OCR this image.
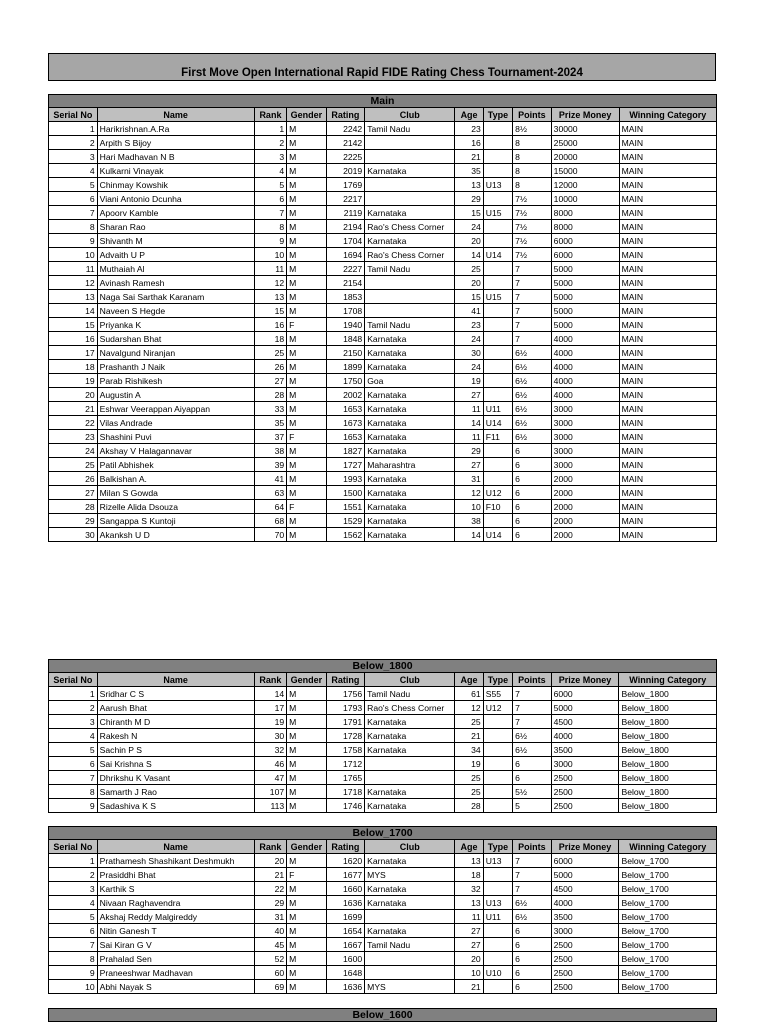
First Move Open International Rapid FIDE Rating Chess Tournament-2024
Main										
Serial No	Name	Rank	Gender	Rating	Club	Age	Type	Points	Prize Money	Winning Category
1	Harikrishnan.A.Ra	1	M	2242	Tamil Nadu	23		8½	30000	MAIN
2	Arpith S Bijoy	2	M	2142		16		8	25000	MAIN
3	Hari Madhavan N B	3	M	2225		21		8	20000	MAIN
4	Kulkarni Vinayak	4	M	2019	Karnataka	35		8	15000	MAIN
5	Chinmay Kowshik	5	M	1769		13	U13	8	12000	MAIN
6	Viani Antonio Dcunha	6	M	2217		29		7½	10000	MAIN
7	Apoorv Kamble	7	M	2119	Karnataka	15	U15	7½	8000	MAIN
8	Sharan Rao	8	M	2194	Rao's Chess Corner	24		7½	8000	MAIN
9	Shivanth M	9	M	1704	Karnataka	20		7½	6000	MAIN
10	Advaith U P	10	M	1694	Rao's Chess Corner	14	U14	7½	6000	MAIN
11	Muthaiah Al	11	M	2227	Tamil Nadu	25		7	5000	MAIN
12	Avinash Ramesh	12	M	2154		20		7	5000	MAIN
13	Naga Sai Sarthak Karanam	13	M	1853		15	U15	7	5000	MAIN
14	Naveen S Hegde	15	M	1708		41		7	5000	MAIN
15	Priyanka K	16	F	1940	Tamil Nadu	23		7	5000	MAIN
16	Sudarshan Bhat	18	M	1848	Karnataka	24		7	4000	MAIN
17	Navalgund Niranjan	25	M	2150	Karnataka	30		6½	4000	MAIN
18	Prashanth J Naik	26	M	1899	Karnataka	24		6½	4000	MAIN
19	Parab Rishikesh	27	M	1750	Goa	19		6½	4000	MAIN
20	Augustin A	28	M	2002	Karnataka	27		6½	4000	MAIN
21	Eshwar Veerappan Aiyappan	33	M	1653	Karnataka	11	U11	6½	3000	MAIN
22	Vilas Andrade	35	M	1673	Karnataka	14	U14	6½	3000	MAIN
23	Shashini Puvi	37	F	1653	Karnataka	11	F11	6½	3000	MAIN
24	Akshay V Halagannavar	38	M	1827	Karnataka	29		6	3000	MAIN
25	Patil Abhishek	39	M	1727	Maharashtra	27		6	3000	MAIN
26	Balkishan A.	41	M	1993	Karnataka	31		6	2000	MAIN
27	Milan S Gowda	63	M	1500	Karnataka	12	U12	6	2000	MAIN
28	Rizelle Alida Dsouza	64	F	1551	Karnataka	10	F10	6	2000	MAIN
29	Sangappa S Kuntoji	68	M	1529	Karnataka	38		6	2000	MAIN
30	Akanksh U D	70	M	1562	Karnataka	14	U14	6	2000	MAIN
Below_1800										
Serial No	Name	Rank	Gender	Rating	Club	Age	Type	Points	Prize Money	Winning Category
1	Sridhar C S	14	M	1756	Tamil Nadu	61	S55	7	6000	Below_1800
2	Aarush Bhat	17	M	1793	Rao's Chess Corner	12	U12	7	5000	Below_1800
3	Chiranth M D	19	M	1791	Karnataka	25		7	4500	Below_1800
4	Rakesh N	30	M	1728	Karnataka	21		6½	4000	Below_1800
5	Sachin P S	32	M	1758	Karnataka	34		6½	3500	Below_1800
6	Sai Krishna S	46	M	1712		19		6	3000	Below_1800
7	Dhrikshu K Vasant	47	M	1765		25		6	2500	Below_1800
8	Samarth J Rao	107	M	1718	Karnataka	25		5½	2500	Below_1800
9	Sadashiva K S	113	M	1746	Karnataka	28		5	2500	Below_1800
Below_1700										
Serial No	Name	Rank	Gender	Rating	Club	Age	Type	Points	Prize Money	Winning Category
1	Prathamesh Shashikant Deshmukh	20	M	1620	Karnataka	13	U13	7	6000	Below_1700
2	Prasiddhi Bhat	21	F	1677	MYS	18		7	5000	Below_1700
3	Karthik S	22	M	1660	Karnataka	32		7	4500	Below_1700
4	Nivaan Raghavendra	29	M	1636	Karnataka	13	U13	6½	4000	Below_1700
5	Akshaj Reddy Malgireddy	31	M	1699		11	U11	6½	3500	Below_1700
6	Nitin Ganesh T	40	M	1654	Karnataka	27		6	3000	Below_1700
7	Sai Kiran G V	45	M	1667	Tamil Nadu	27		6	2500	Below_1700
8	Prahalad Sen	52	M	1600		20		6	2500	Below_1700
9	Praneeshwar Madhavan	60	M	1648		10	U10	6	2500	Below_1700
10	Abhi Nayak S	69	M	1636	MYS	21		6	2500	Below_1700
Below_1600
